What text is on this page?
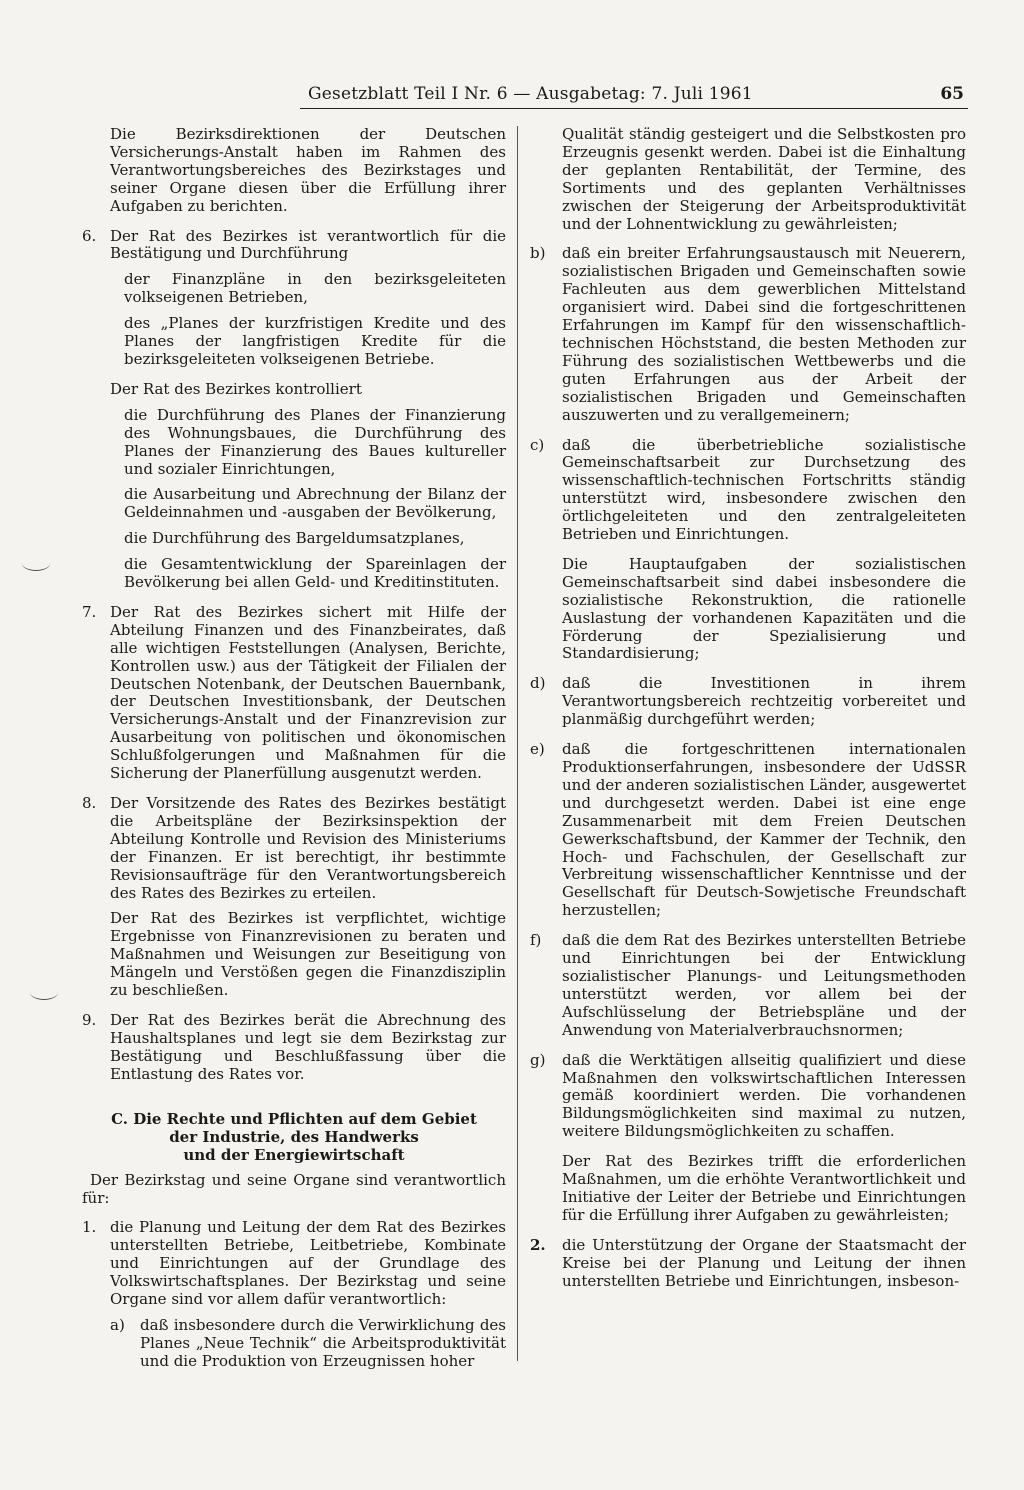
Gesetzblatt Teil I Nr. 6 — Ausgabetag: 7. Juli 1961	65

Die Bezirksdirektionen der Deutschen Versicherungs-Anstalt haben im Rahmen des Verantwortungsbereiches des Bezirkstages und seiner Organe diesen über die Erfüllung ihrer Aufgaben zu berichten.

6. Der Rat des Bezirkes ist verantwortlich für die Bestätigung und Durchführung

der Finanzpläne in den bezirksgeleiteten volkseigenen Betrieben,

des „Planes der kurzfristigen Kredite und des Planes der langfristigen Kredite für die bezirksgeleiteten volkseigenen Betriebe.

Der Rat des Bezirkes kontrolliert

die Durchführung des Planes der Finanzierung des Wohnungsbaues, die Durchführung des Planes der Finanzierung des Baues kultureller und sozialer Einrichtungen,

die Ausarbeitung und Abrechnung der Bilanz der Geldeinnahmen und -ausgaben der Bevölkerung,

die Durchführung des Bargeldumsatzplanes,

die Gesamtentwicklung der Spareinlagen der Bevölkerung bei allen Geld- und Kreditinstituten.

7. Der Rat des Bezirkes sichert mit Hilfe der Abteilung Finanzen und des Finanzbeirates, daß alle wichtigen Feststellungen (Analysen, Berichte, Kontrollen usw.) aus der Tätigkeit der Filialen der Deutschen Notenbank, der Deutschen Bauernbank, der Deutschen Investitionsbank, der Deutschen Versicherungs-Anstalt und der Finanzrevision zur Ausarbeitung von politischen und ökonomischen Schlußfolgerungen und Maßnahmen für die Sicherung der Planerfüllung ausgenutzt werden.

8. Der Vorsitzende des Rates des Bezirkes bestätigt die Arbeitspläne der Bezirksinspektion der Abteilung Kontrolle und Revision des Ministeriums der Finanzen. Er ist berechtigt, ihr bestimmte Revisionsaufträge für den Verantwortungsbereich des Rates des Bezirkes zu erteilen.

Der Rat des Bezirkes ist verpflichtet, wichtige Ergebnisse von Finanzrevisionen zu beraten und Maßnahmen und Weisungen zur Beseitigung von Mängeln und Verstößen gegen die Finanzdisziplin zu beschließen.

9. Der Rat des Bezirkes berät die Abrechnung des Haushaltsplanes und legt sie dem Bezirkstag zur Bestätigung und Beschlußfassung über die Entlastung des Rates vor.

C. Die Rechte und Pflichten auf dem Gebiet
der Industrie, des Handwerks
und der Energiewirtschaft

Der Bezirkstag und seine Organe sind verantwortlich für:

1. die Planung und Leitung der dem Rat des Bezirkes unterstellten Betriebe, Leitbetriebe, Kombinate und Einrichtungen auf der Grundlage des Volkswirtschaftsplanes. Der Bezirkstag und seine Organe sind vor allem dafür verantwortlich:

a)	daß insbesondere durch die Verwirklichung des Planes „Neue Technik“ die Arbeitsproduktivität und die Produktion von Erzeugnissen hoher

Qualität ständig gesteigert und die Selbstkosten pro Erzeugnis gesenkt werden. Dabei ist die Einhaltung der geplanten Rentabilität, der Termine, des Sortiments und des geplanten Verhältnisses zwischen der Steigerung der Arbeitsproduktivität und der Lohnentwicklung zu gewährleisten;

b)	daß ein breiter Erfahrungsaustausch mit Neuerern, sozialistischen Brigaden und Gemeinschaften sowie Fachleuten aus dem gewerblichen Mittelstand organisiert wird. Dabei sind die fortgeschrittenen Erfahrungen im Kampf für den wissenschaftlich-technischen Höchststand, die besten Methoden zur Führung des sozialistischen Wettbewerbs und die guten Erfahrungen aus der Arbeit der sozialistischen Brigaden und Gemeinschaften auszuwerten und zu verallgemeinern;

c)	daß die überbetriebliche sozialistische Gemeinschaftsarbeit zur Durchsetzung des wissenschaftlich-technischen Fortschritts ständig unterstützt wird, insbesondere zwischen den örtlichgeleiteten und den zentralgeleiteten Betrieben und Einrichtungen.

Die Hauptaufgaben der sozialistischen Gemeinschaftsarbeit sind dabei insbesondere die sozialistische Rekonstruktion, die rationelle Auslastung der vorhandenen Kapazitäten und die Förderung der Spezialisierung und Standardisierung;

d)	daß die Investitionen in ihrem Verantwortungsbereich rechtzeitig vorbereitet und planmäßig durchgeführt werden;

e)	daß die fortgeschrittenen internationalen Produktionserfahrungen, insbesondere der UdSSR und der anderen sozialistischen Länder, ausgewertet und durchgesetzt werden. Dabei ist eine enge Zusammenarbeit mit dem Freien Deutschen Gewerkschaftsbund, der Kammer der Technik, den Hoch- und Fachschulen, der Gesellschaft zur Verbreitung wissenschaftlicher Kenntnisse und der Gesellschaft für Deutsch-Sowjetische Freundschaft herzustellen;

f)	daß die dem Rat des Bezirkes unterstellten Betriebe und Einrichtungen bei der Entwicklung sozialistischer Planungs- und Leitungsmethoden unterstützt werden, vor allem bei der Aufschlüsselung der Betriebspläne und der Anwendung von Materialverbrauchsnormen;

g)	daß die Werktätigen allseitig qualifiziert und diese Maßnahmen den volkswirtschaftlichen Interessen gemäß koordiniert werden. Die vorhandenen Bildungsmöglichkeiten sind maximal zu nutzen, weitere Bildungsmöglichkeiten zu schaffen.

Der Rat des Bezirkes trifft die erforderlichen Maßnahmen, um die erhöhte Verantwortlichkeit und Initiative der Leiter der Betriebe und Einrichtungen für die Erfüllung ihrer Aufgaben zu gewährleisten;

2.	die Unterstützung der Organe der Staatsmacht der Kreise bei der Planung und Leitung der ihnen unterstellten Betriebe und Einrichtungen, insbeson-
